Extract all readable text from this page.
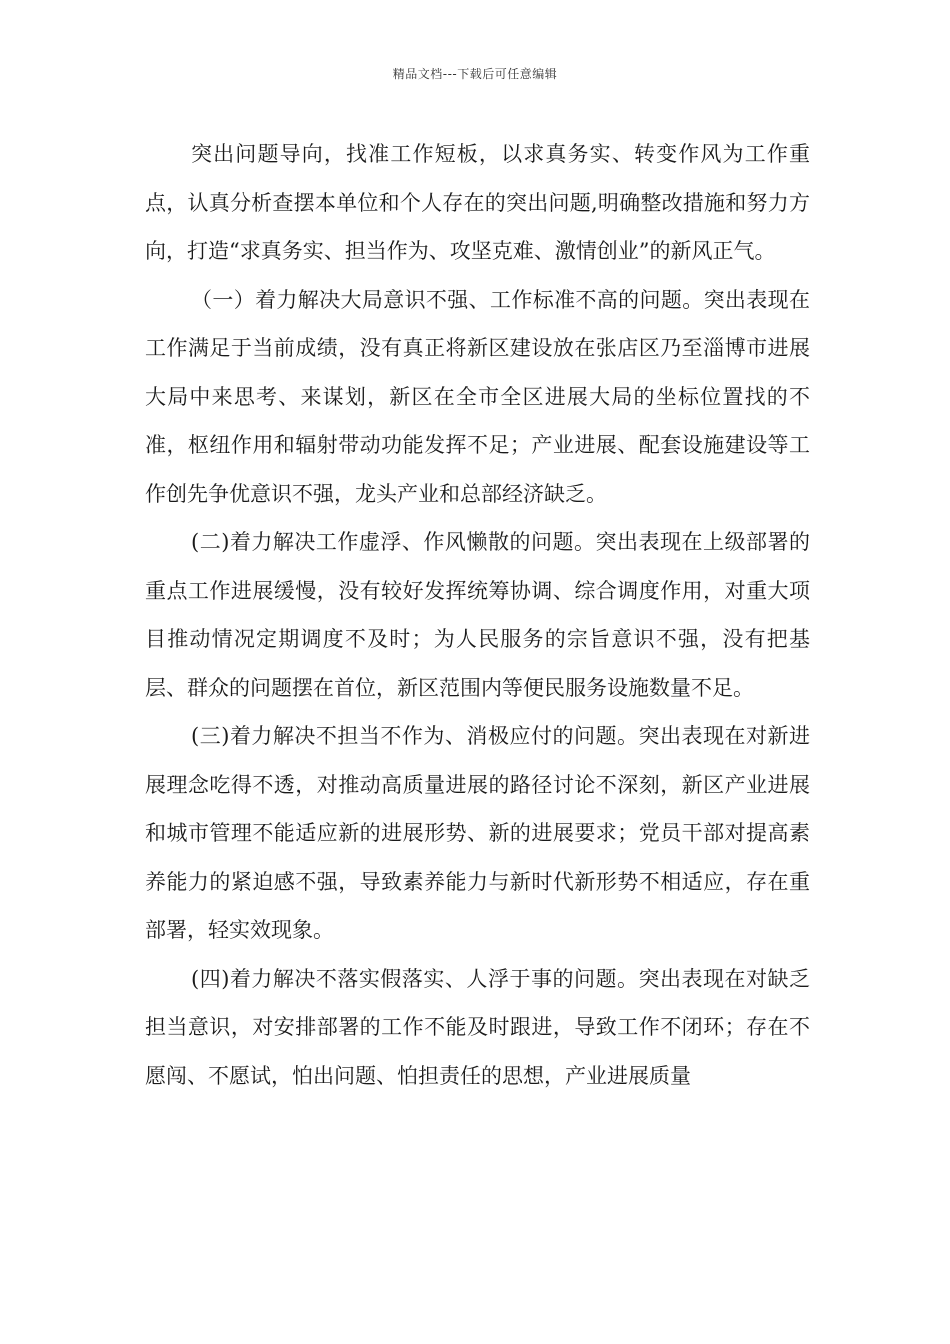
精品文档---下载后可任意编辑

突出问题导向，找准工作短板，以求真务实、转变作风为工作重点，认真分析查摆本单位和个人存在的突出问题,明确整改措施和努力方向，打造“求真务实、担当作为、攻坚克难、激情创业”的新风正气。

（一）着力解决大局意识不强、工作标准不高的问题。突出表现在工作满足于当前成绩，没有真正将新区建设放在张店区乃至淄博市进展大局中来思考、来谋划，新区在全市全区进展大局的坐标位置找的不准，枢纽作用和辐射带动功能发挥不足；产业进展、配套设施建设等工作创先争优意识不强，龙头产业和总部经济缺乏。

(二)着力解决工作虚浮、作风懒散的问题。突出表现在上级部署的重点工作进展缓慢，没有较好发挥统筹协调、综合调度作用，对重大项目推动情况定期调度不及时；为人民服务的宗旨意识不强，没有把基层、群众的问题摆在首位，新区范围内等便民服务设施数量不足。

(三)着力解决不担当不作为、消极应付的问题。突出表现在对新进展理念吃得不透，对推动高质量进展的路径讨论不深刻，新区产业进展和城市管理不能适应新的进展形势、新的进展要求；党员干部对提高素养能力的紧迫感不强，导致素养能力与新时代新形势不相适应，存在重部署，轻实效现象。

(四)着力解决不落实假落实、人浮于事的问题。突出表现在对缺乏担当意识，对安排部署的工作不能及时跟进，导致工作不闭环；存在不愿闯、不愿试，怕出问题、怕担责任的思想，产业进展质量
